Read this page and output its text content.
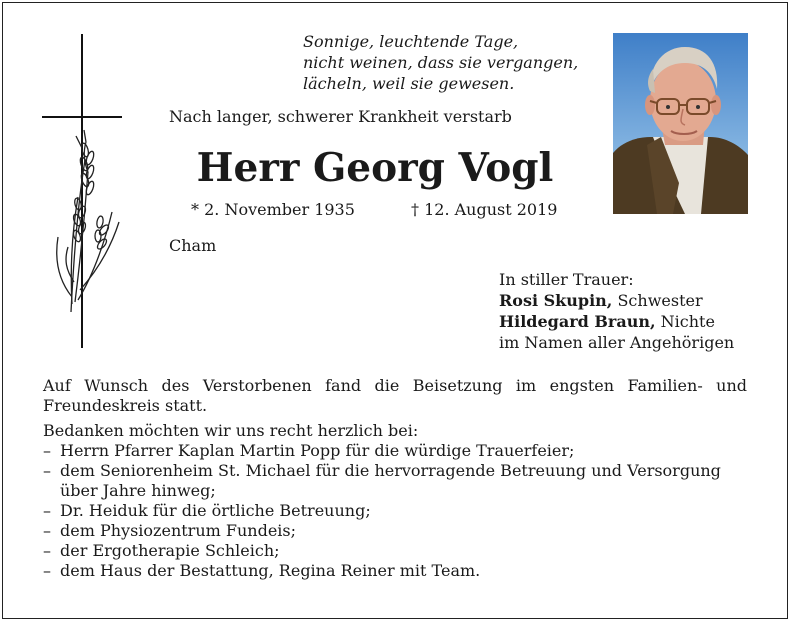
Sonnige, leuchtende Tage,
nicht weinen, dass sie vergangen,
lächeln, weil sie gewesen.
Nach langer, schwerer Krankheit verstarb
Herr Georg Vogl
* 2. November 1935	† 12. August 2019
Cham
In stiller Trauer:
Rosi Skupin, Schwester
Hildegard Braun, Nichte
im Namen aller Angehörigen
Auf Wunsch des Verstorbenen fand die Beisetzung im engsten Familien- und Freundeskreis statt.
Bedanken möchten wir uns recht herzlich bei:
– Herrn Pfarrer Kaplan Martin Popp für die würdige Trauerfeier;
– dem Seniorenheim St. Michael für die hervorragende Betreuung und Versorgung über Jahre hinweg;
– Dr. Heiduk für die örtliche Betreuung;
– dem Physiozentrum Fundeis;
– der Ergotherapie Schleich;
– dem Haus der Bestattung, Regina Reiner mit Team.
